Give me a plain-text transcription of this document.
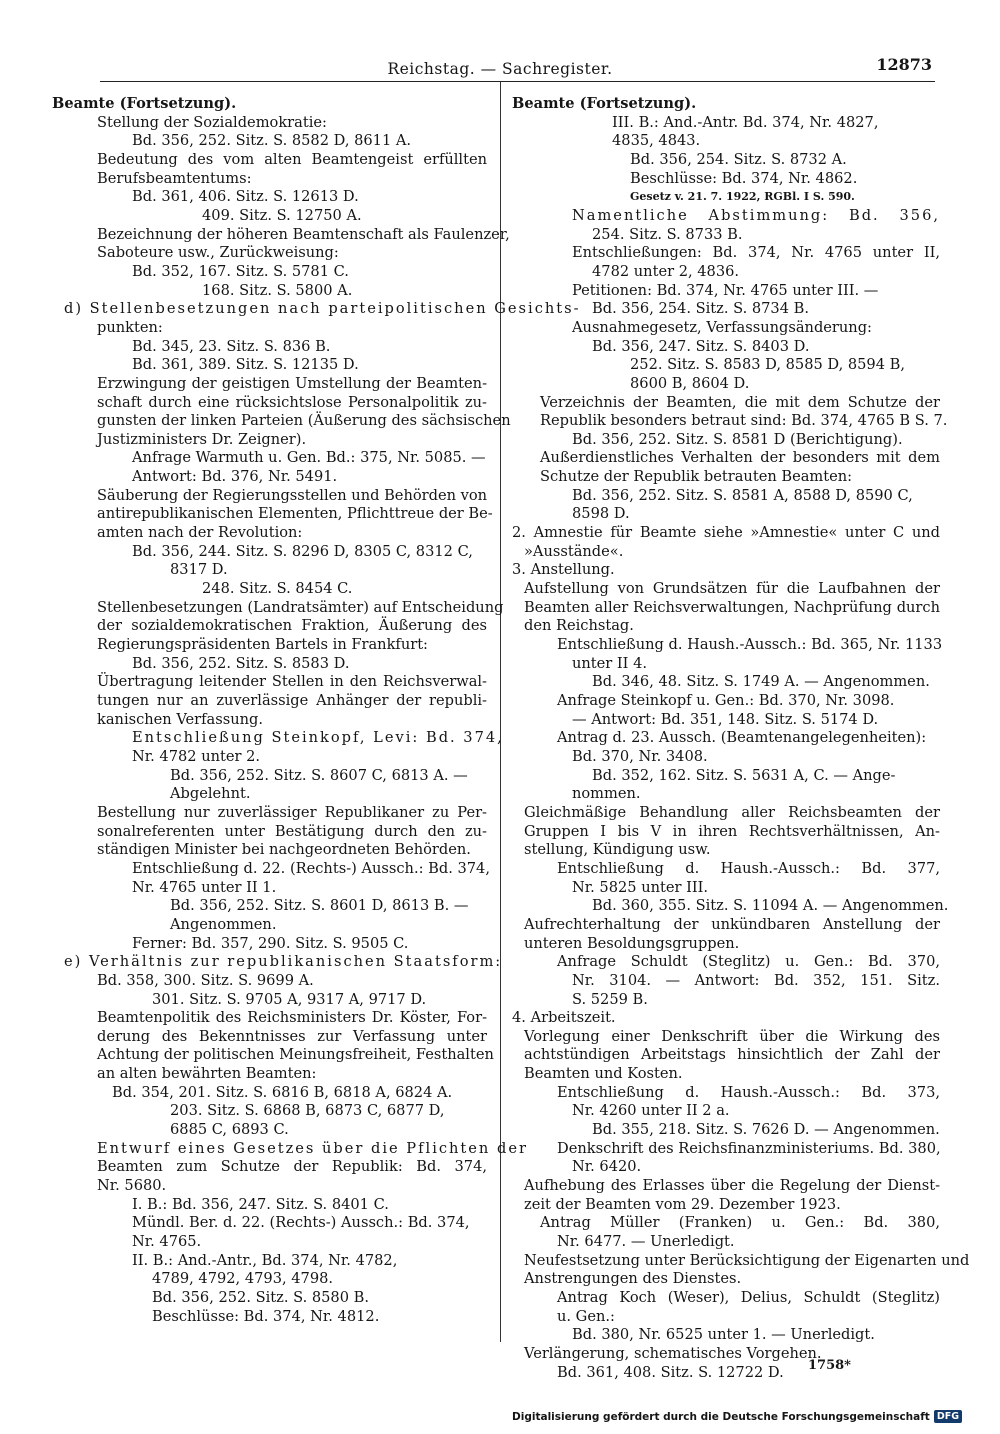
Reichstag. — Sachregister.	12873
Beamte (Fortsetzung).
Stellung der Sozialdemokratie:
Bd. 356, 252. Sitz. S. 8582 D, 8611 A.
Bedeutung des vom alten Beamtengeist erfüllten
Berufsbeamtentums:
Bd. 361, 406. Sitz. S. 12613 D.
409. Sitz. S. 12750 A.
Bezeichnung der höheren Beamtenschaft als Faulenzer,
Saboteure usw., Zurückweisung:
Bd. 352, 167. Sitz. S. 5781 C.
168. Sitz. S. 5800 A.
d) Stellenbesetzungen nach parteipolitischen Gesichts-
punkten:
Bd. 345, 23. Sitz. S. 836 B.
Bd. 361, 389. Sitz. S. 12135 D.
Erzwingung der geistigen Umstellung der Beamten-
schaft durch eine rücksichtslose Personalpolitik zu-
gunsten der linken Parteien (Äußerung des sächsischen
Justizministers Dr. Zeigner).
Anfrage Warmuth u. Gen. Bd.: 375, Nr. 5085. —
Antwort: Bd. 376, Nr. 5491.
Säuberung der Regierungsstellen und Behörden von
antirepublikanischen Elementen, Pflichttreue der Be-
amten nach der Revolution:
Bd. 356, 244. Sitz. S. 8296 D, 8305 C, 8312 C,
8317 D.
248. Sitz. S. 8454 C.
Stellenbesetzungen (Landratsämter) auf Entscheidung
der sozialdemokratischen Fraktion, Äußerung des
Regierungspräsidenten Bartels in Frankfurt:
Bd. 356, 252. Sitz. S. 8583 D.
Übertragung leitender Stellen in den Reichsverwal-
tungen nur an zuverlässige Anhänger der republi-
kanischen Verfassung.
Entschließung Steinkopf, Levi: Bd. 374,
Nr. 4782 unter 2.
Bd. 356, 252. Sitz. S. 8607 C, 6813 A. —
Abgelehnt.
Bestellung nur zuverlässiger Republikaner zu Per-
sonalreferenten unter Bestätigung durch den zu-
ständigen Minister bei nachgeordneten Behörden.
Entschließung d. 22. (Rechts-) Aussch.: Bd. 374,
Nr. 4765 unter II 1.
Bd. 356, 252. Sitz. S. 8601 D, 8613 B. —
Angenommen.
Ferner: Bd. 357, 290. Sitz. S. 9505 C.
e) Verhältnis zur republikanischen Staatsform:
Bd. 358, 300. Sitz. S. 9699 A.
301. Sitz. S. 9705 A, 9317 A, 9717 D.
Beamtenpolitik des Reichsministers Dr. Köster, For-
derung des Bekenntnisses zur Verfassung unter
Achtung der politischen Meinungsfreiheit, Festhalten
an alten bewährten Beamten:
Bd. 354, 201. Sitz. S. 6816 B, 6818 A, 6824 A.
203. Sitz. S. 6868 B, 6873 C, 6877 D,
6885 C, 6893 C.
Entwurf eines Gesetzes über die Pflichten der
Beamten zum Schutze der Republik: Bd. 374,
Nr. 5680.
I. B.: Bd. 356, 247. Sitz. S. 8401 C.
Mündl. Ber. d. 22. (Rechts-) Aussch.: Bd. 374,
Nr. 4765.
II. B.: And.-Antr., Bd. 374, Nr. 4782,
4789, 4792, 4793, 4798.
Bd. 356, 252. Sitz. S. 8580 B.
Beschlüsse: Bd. 374, Nr. 4812.
Beamte (Fortsetzung).
III. B.: And.-Antr. Bd. 374, Nr. 4827,
4835, 4843.
Bd. 356, 254. Sitz. S. 8732 A.
Beschlüsse: Bd. 374, Nr. 4862.
Gesetz v. 21. 7. 1922, RGBl. I S. 590.
Namentliche Abstimmung: Bd. 356,
254. Sitz. S. 8733 B.
Entschließungen: Bd. 374, Nr. 4765 unter II,
4782 unter 2, 4836.
Petitionen: Bd. 374, Nr. 4765 unter III. —
Bd. 356, 254. Sitz. S. 8734 B.
Ausnahmegesetz, Verfassungsänderung:
Bd. 356, 247. Sitz. S. 8403 D.
252. Sitz. S. 8583 D, 8585 D, 8594 B,
8600 B, 8604 D.
Verzeichnis der Beamten, die mit dem Schutze der
Republik besonders betraut sind: Bd. 374, 4765 B S. 7.
Bd. 356, 252. Sitz. S. 8581 D (Berichtigung).
Außerdienstliches Verhalten der besonders mit dem
Schutze der Republik betrauten Beamten:
Bd. 356, 252. Sitz. S. 8581 A, 8588 D, 8590 C,
8598 D.
2. Amnestie für Beamte siehe »Amnestie« unter C und
»Ausstände«.
3. Anstellung.
Aufstellung von Grundsätzen für die Laufbahnen der
Beamten aller Reichsverwaltungen, Nachprüfung durch
den Reichstag.
Entschließung d. Haush.-Aussch.: Bd. 365, Nr. 1133
unter II 4.
Bd. 346, 48. Sitz. S. 1749 A. — Angenommen.
Anfrage Steinkopf u. Gen.: Bd. 370, Nr. 3098.
— Antwort: Bd. 351, 148. Sitz. S. 5174 D.
Antrag d. 23. Aussch. (Beamtenangelegenheiten):
Bd. 370, Nr. 3408.
Bd. 352, 162. Sitz. S. 5631 A, C. — Ange-
nommen.
Gleichmäßige Behandlung aller Reichsbeamten der
Gruppen I bis V in ihren Rechtsverhältnissen, An-
stellung, Kündigung usw.
Entschließung d. Haush.-Aussch.: Bd. 377,
Nr. 5825 unter III.
Bd. 360, 355. Sitz. S. 11094 A. — Angenommen.
Aufrechterhaltung der unkündbaren Anstellung der
unteren Besoldungsgruppen.
Anfrage Schuldt (Steglitz) u. Gen.: Bd. 370,
Nr. 3104. — Antwort: Bd. 352, 151. Sitz.
S. 5259 B.
4. Arbeitszeit.
Vorlegung einer Denkschrift über die Wirkung des
achtstündigen Arbeitstags hinsichtlich der Zahl der
Beamten und Kosten.
Entschließung d. Haush.-Aussch.: Bd. 373,
Nr. 4260 unter II 2 a.
Bd. 355, 218. Sitz. S. 7626 D. — Angenommen.
Denkschrift des Reichsfinanzministeriums. Bd. 380,
Nr. 6420.
Aufhebung des Erlasses über die Regelung der Dienst-
zeit der Beamten vom 29. Dezember 1923.
Antrag Müller (Franken) u. Gen.: Bd. 380,
Nr. 6477. — Unerledigt.
Neufestsetzung unter Berücksichtigung der Eigenarten und
Anstrengungen des Dienstes.
Antrag Koch (Weser), Delius, Schuldt (Steglitz)
u. Gen.:
Bd. 380, Nr. 6525 unter 1. — Unerledigt.
Verlängerung, schematisches Vorgehen.
Bd. 361, 408. Sitz. S. 12722 D.	1758*
Digitalisierung gefördert durch die Deutsche Forschungsgemeinschaft DFG
